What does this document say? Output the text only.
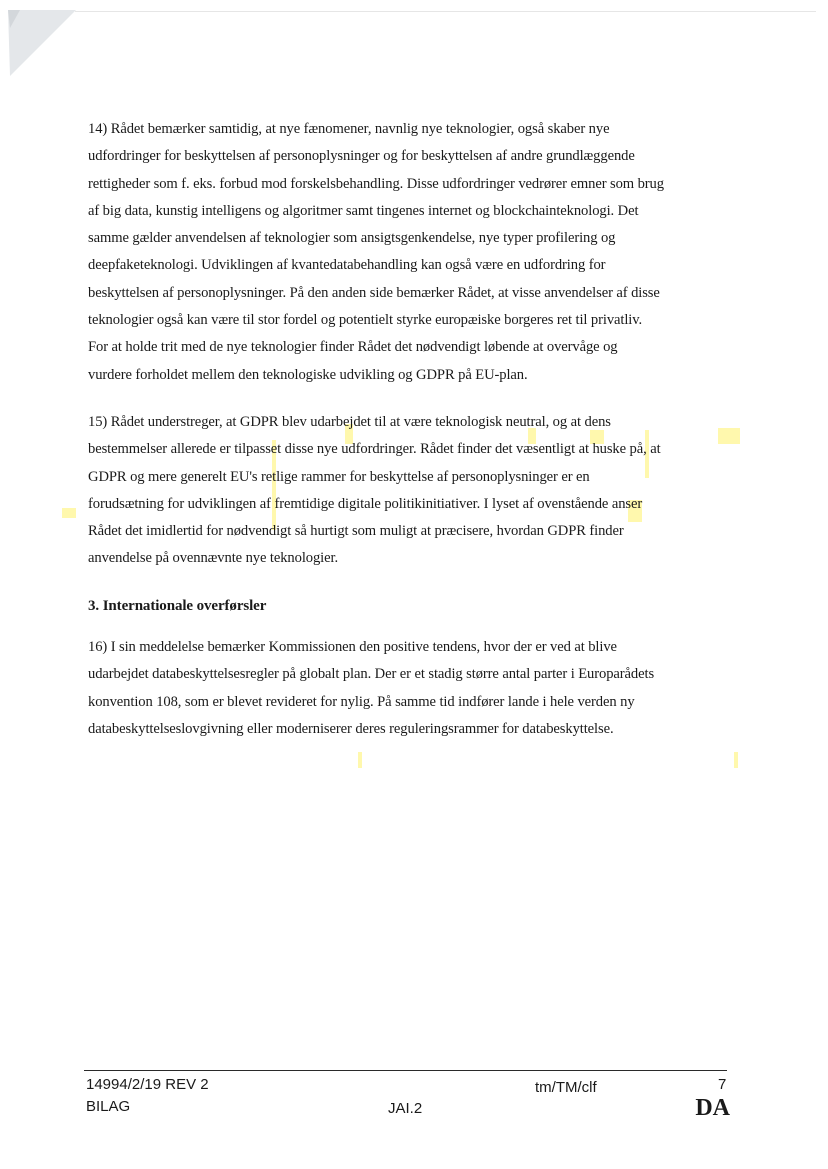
14) Rådet bemærker samtidig, at nye fænomener, navnlig nye teknologier, også skaber nye
udfordringer for beskyttelsen af personoplysninger og for beskyttelsen af andre grundlæggende
rettigheder som f. eks. forbud mod forskelsbehandling. Disse udfordringer vedrører emner som brug
af big data, kunstig intelligens og algoritmer samt tingenes internet og blockchainteknologi. Det
samme gælder anvendelsen af teknologier som ansigtsgenkendelse, nye typer profilering og
deepfaketeknologi. Udviklingen af kvantedatabehandling kan også være en udfordring for
beskyttelsen af personoplysninger. På den anden side bemærker Rådet, at visse anvendelser af disse
teknologier også kan være til stor fordel og potentielt styrke europæiske borgeres ret til privatliv.
For at holde trit med de nye teknologier finder Rådet det nødvendigt løbende at overvåge og
vurdere forholdet mellem den teknologiske udvikling og GDPR på EU-plan.
15) Rådet understreger, at GDPR blev udarbejdet til at være teknologisk neutral, og at dens
bestemmelser allerede er tilpasset disse nye udfordringer. Rådet finder det væsentligt at huske på, at
GDPR og mere generelt EU's retlige rammer for beskyttelse af personoplysninger er en
forudsætning for udviklingen af fremtidige digitale politikinitiativer. I lyset af ovenstående anser
Rådet det imidlertid for nødvendigt så hurtigt som muligt at præcisere, hvordan GDPR finder
anvendelse på ovennævnte nye teknologier.
3. Internationale overførsler
16) I sin meddelelse bemærker Kommissionen den positive tendens, hvor der er ved at blive
udarbejdet databeskyttelsesregler på globalt plan. Der er et stadig større antal parter i Europarådets
konvention 108, som er blevet revideret for nylig. På samme tid indfører lande i hele verden ny
databeskyttelseslovgivning eller moderniserer deres reguleringsrammer for databeskyttelse.
14994/2/19 REV 2	tm/TM/clf	7
BILAG	JAI.2	DA
